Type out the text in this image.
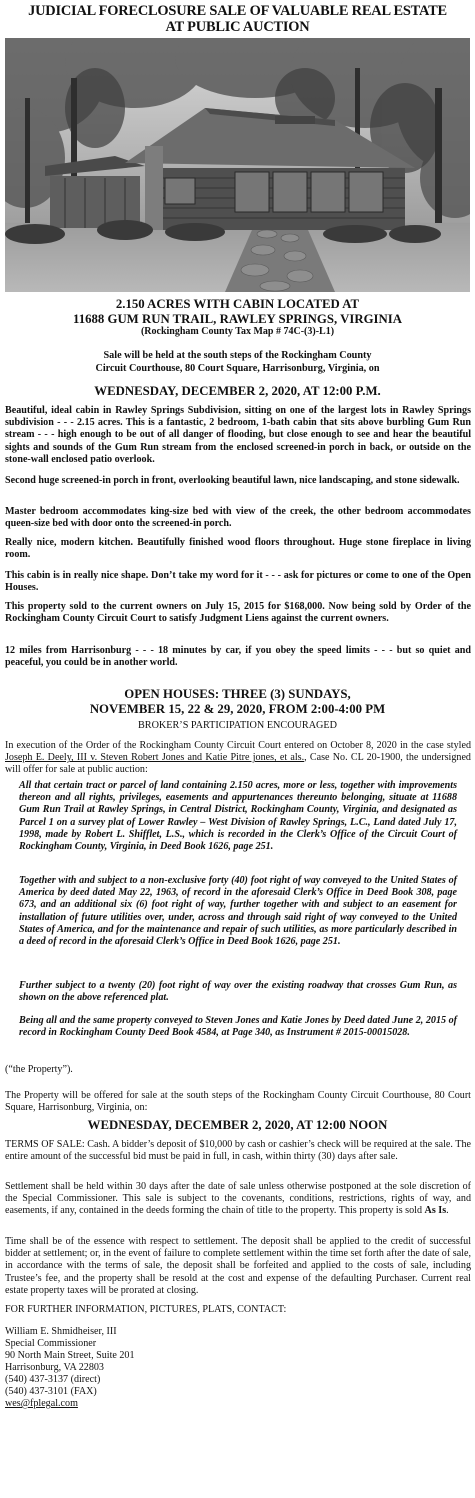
JUDICIAL FORECLOSURE SALE OF VALUABLE REAL ESTATE
AT PUBLIC AUCTION
2.150 ACRES WITH CABIN LOCATED AT
11688 GUM RUN TRAIL, RAWLEY SPRINGS, VIRGINIA
(Rockingham County Tax Map # 74C-(3)-L1)
Sale will be held at the south steps of the Rockingham County
Circuit Courthouse, 80 Court Square, Harrisonburg, Virginia, on
WEDNESDAY, DECEMBER 2, 2020, AT 12:00 P.M.
Beautiful, ideal cabin in Rawley Springs Subdivision, sitting on one of the largest lots in Rawley Springs subdivision - - - 2.15 acres. This is a fantastic, 2 bedroom, 1-bath cabin that sits above burbling Gum Run stream - - - high enough to be out of all danger of flooding, but close enough to see and hear the beautiful sights and sounds of the Gum Run stream from the enclosed screened-in porch in back, or outside on the stone-wall enclosed patio overlook.
Second huge screened-in porch in front, overlooking beautiful lawn, nice landscaping, and stone sidewalk.
Master bedroom accommodates king-size bed with view of the creek, the other bedroom accommodates queen-size bed with door onto the screened-in porch.
Really nice, modern kitchen. Beautifully finished wood floors throughout. Huge stone fireplace in living room.
This cabin is in really nice shape. Don’t take my word for it - - - ask for pictures or come to one of the Open Houses.
This property sold to the current owners on July 15, 2015 for $168,000. Now being sold by Order of the Rockingham County Circuit Court to satisfy Judgment Liens against the current owners.
12 miles from Harrisonburg - - - 18 minutes by car, if you obey the speed limits - - - but so quiet and peaceful, you could be in another world.
OPEN HOUSES: THREE (3) SUNDAYS,
NOVEMBER 15, 22 & 29, 2020, FROM 2:00-4:00 PM
BROKER’S PARTICIPATION ENCOURAGED
In execution of the Order of the Rockingham County Circuit Court entered on October 8, 2020 in the case styled Joseph E. Deely, III v. Steven Robert Jones and Katie Pitre jones, et als., Case No. CL 20-1900, the undersigned will offer for sale at public auction:
All that certain tract or parcel of land containing 2.150 acres, more or less, together with improvements thereon and all rights, privileges, easements and appurtenances thereunto belonging, situate at 11688 Gum Run Trail at Rawley Springs, in Central District, Rockingham County, Virginia, and designated as Parcel 1 on a survey plat of Lower Rawley – West Division of Rawley Springs, L.C., Land dated July 17, 1998, made by Robert L. Shifflet, L.S., which is recorded in the Clerk’s Office of the Circuit Court of Rockingham County, Virginia, in Deed Book 1626, page 251.
Together with and subject to a non-exclusive forty (40) foot right of way conveyed to the United States of America by deed dated May 22, 1963, of record in the aforesaid Clerk’s Office in Deed Book 308, page 673, and an additional six (6) foot right of way, further together with and subject to an easement for installation of future utilities over, under, across and through said right of way conveyed to the United States of America, and for the maintenance and repair of such utilities, as more particularly described in a deed of record in the aforesaid Clerk’s Office in Deed Book 1626, page 251.
Further subject to a twenty (20) foot right of way over the existing roadway that crosses Gum Run, as shown on the above referenced plat.
Being all and the same property conveyed to Steven Jones and Katie Jones by Deed dated June 2, 2015 of record in Rockingham County Deed Book 4584, at Page 340, as Instrument # 2015-00015028.
(“the Property”).
The Property will be offered for sale at the south steps of the Rockingham County Circuit Courthouse, 80 Court Square, Harrisonburg, Virginia, on:
WEDNESDAY, DECEMBER 2, 2020, AT 12:00 NOON
TERMS OF SALE: Cash. A bidder’s deposit of $10,000 by cash or cashier’s check will be required at the sale. The entire amount of the successful bid must be paid in full, in cash, within thirty (30) days after sale.
Settlement shall be held within 30 days after the date of sale unless otherwise postponed at the sole discretion of the Special Commissioner. This sale is subject to the covenants, conditions, restrictions, rights of way, and easements, if any, contained in the deeds forming the chain of title to the property. This property is sold As Is.
Time shall be of the essence with respect to settlement. The deposit shall be applied to the credit of successful bidder at settlement; or, in the event of failure to complete settlement within the time set forth after the date of sale, in accordance with the terms of sale, the deposit shall be forfeited and applied to the costs of sale, including Trustee’s fee, and the property shall be resold at the cost and expense of the defaulting Purchaser. Current real estate property taxes will be prorated at closing.
FOR FURTHER INFORMATION, PICTURES, PLATS, CONTACT:
William E. Shmidheiser, III
Special Commissioner
90 North Main Street, Suite 201
Harrisonburg, VA 22803
(540) 437-3137 (direct)
(540) 437-3101 (FAX)
wes@fplegal.com
